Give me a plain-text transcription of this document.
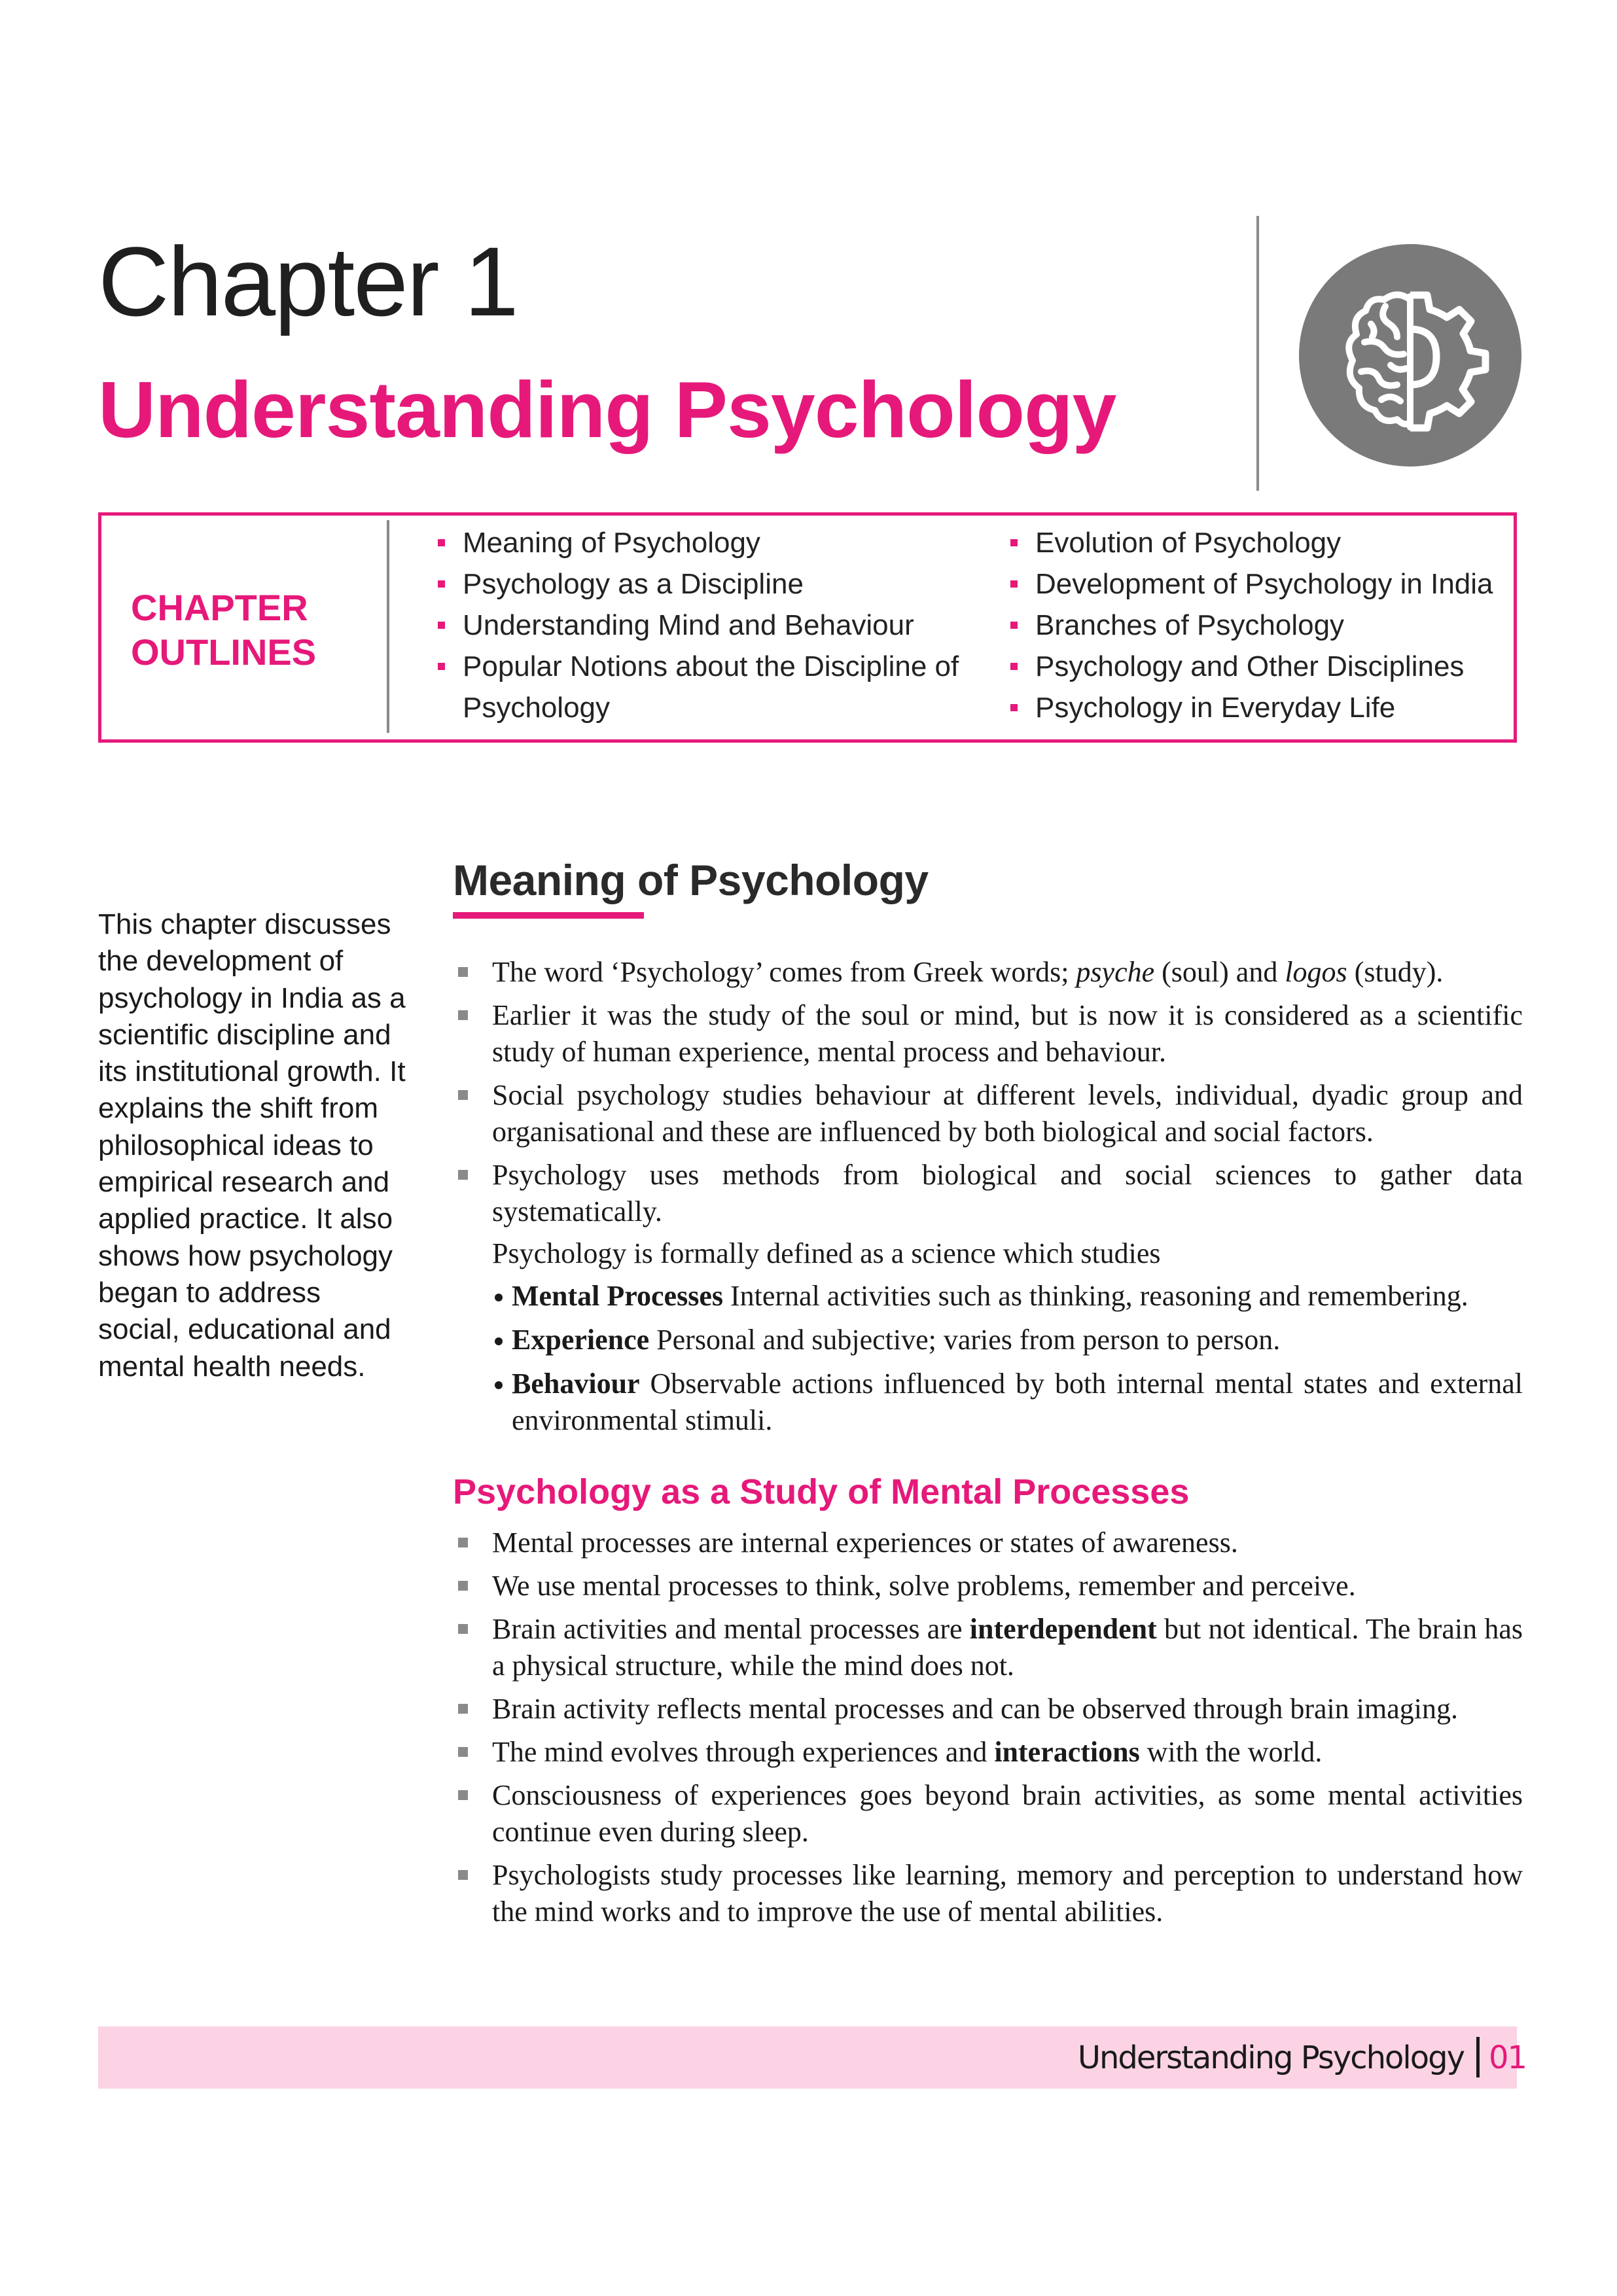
Chapter 1
Understanding Psychology
CHAPTER
OUTLINES
Meaning of Psychology
Psychology as a Discipline
Understanding Mind and Behaviour
Popular Notions about the Discipline of Psychology
Evolution of Psychology
Development of Psychology in India
Branches of Psychology
Psychology and Other Disciplines
Psychology in Everyday Life
This chapter discusses the development of psychology in India as a scientific discipline and its institutional growth. It explains the shift from philosophical ideas to empirical research and applied practice. It also shows how psychology began to address social, educational and mental health needs.
Meaning of Psychology
The word ‘Psychology’ comes from Greek words; psyche (soul) and logos (study).
Earlier it was the study of the soul or mind, but is now it is considered as a scientific study of human experience, mental process and behaviour.
Social psychology studies behaviour at different levels, individual, dyadic group and organisational and these are influenced by both biological and social factors.
Psychology uses methods from biological and social sciences to gather data systematically.
Psychology is formally defined as a science which studies
Mental Processes Internal activities such as thinking, reasoning and remembering.
Experience Personal and subjective; varies from person to person.
Behaviour Observable actions influenced by both internal mental states and external environmental stimuli.
Psychology as a Study of Mental Processes
Mental processes are internal experiences or states of awareness.
We use mental processes to think, solve problems, remember and perceive.
Brain activities and mental processes are interdependent but not identical. The brain has a physical structure, while the mind does not.
Brain activity reflects mental processes and can be observed through brain imaging.
The mind evolves through experiences and interactions with the world.
Consciousness of experiences goes beyond brain activities, as some mental activities continue even during sleep.
Psychologists study processes like learning, memory and perception to understand how the mind works and to improve the use of mental abilities.
Understanding Psychology 01
